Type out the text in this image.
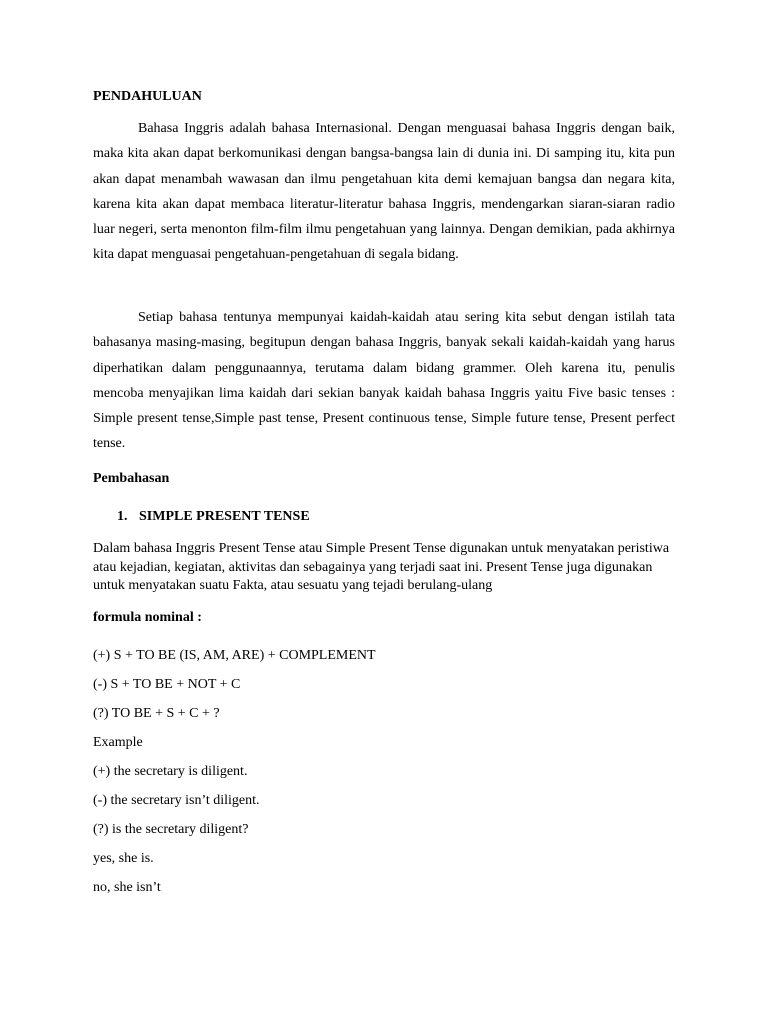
PENDAHULUAN

Bahasa Inggris adalah bahasa Internasional. Dengan menguasai bahasa Inggris dengan baik, maka kita akan dapat berkomunikasi dengan bangsa-bangsa lain di dunia ini. Di samping itu, kita pun akan dapat menambah wawasan dan ilmu pengetahuan kita demi kemajuan bangsa dan negara kita, karena kita akan dapat membaca literatur-literatur bahasa Inggris, mendengarkan siaran-siaran radio luar negeri, serta menonton film-film ilmu pengetahuan yang lainnya. Dengan demikian, pada akhirnya kita dapat menguasai pengetahuan-pengetahuan di segala bidang.

Setiap bahasa tentunya mempunyai kaidah-kaidah atau sering kita sebut dengan istilah tata bahasanya masing-masing, begitupun dengan bahasa Inggris, banyak sekali kaidah-kaidah yang harus diperhatikan dalam penggunaannya, terutama dalam bidang grammer. Oleh karena itu, penulis mencoba menyajikan lima kaidah dari sekian banyak kaidah bahasa Inggris yaitu Five basic tenses : Simple present tense,Simple past tense, Present continuous tense, Simple future tense, Present perfect tense.

Pembahasan

1. SIMPLE PRESENT TENSE

Dalam bahasa Inggris Present Tense atau Simple Present Tense digunakan untuk menyatakan peristiwa atau kejadian, kegiatan, aktivitas dan sebagainya yang terjadi saat ini. Present Tense juga digunakan untuk menyatakan suatu Fakta, atau sesuatu yang tejadi berulang-ulang

formula nominal :

(+) S + TO BE (IS, AM, ARE) + COMPLEMENT

(-) S + TO BE + NOT + C

(?) TO BE + S + C + ?

Example

(+) the secretary is diligent.

(-) the secretary isn’t diligent.

(?) is the secretary diligent?

yes, she is.

no, she isn’t
